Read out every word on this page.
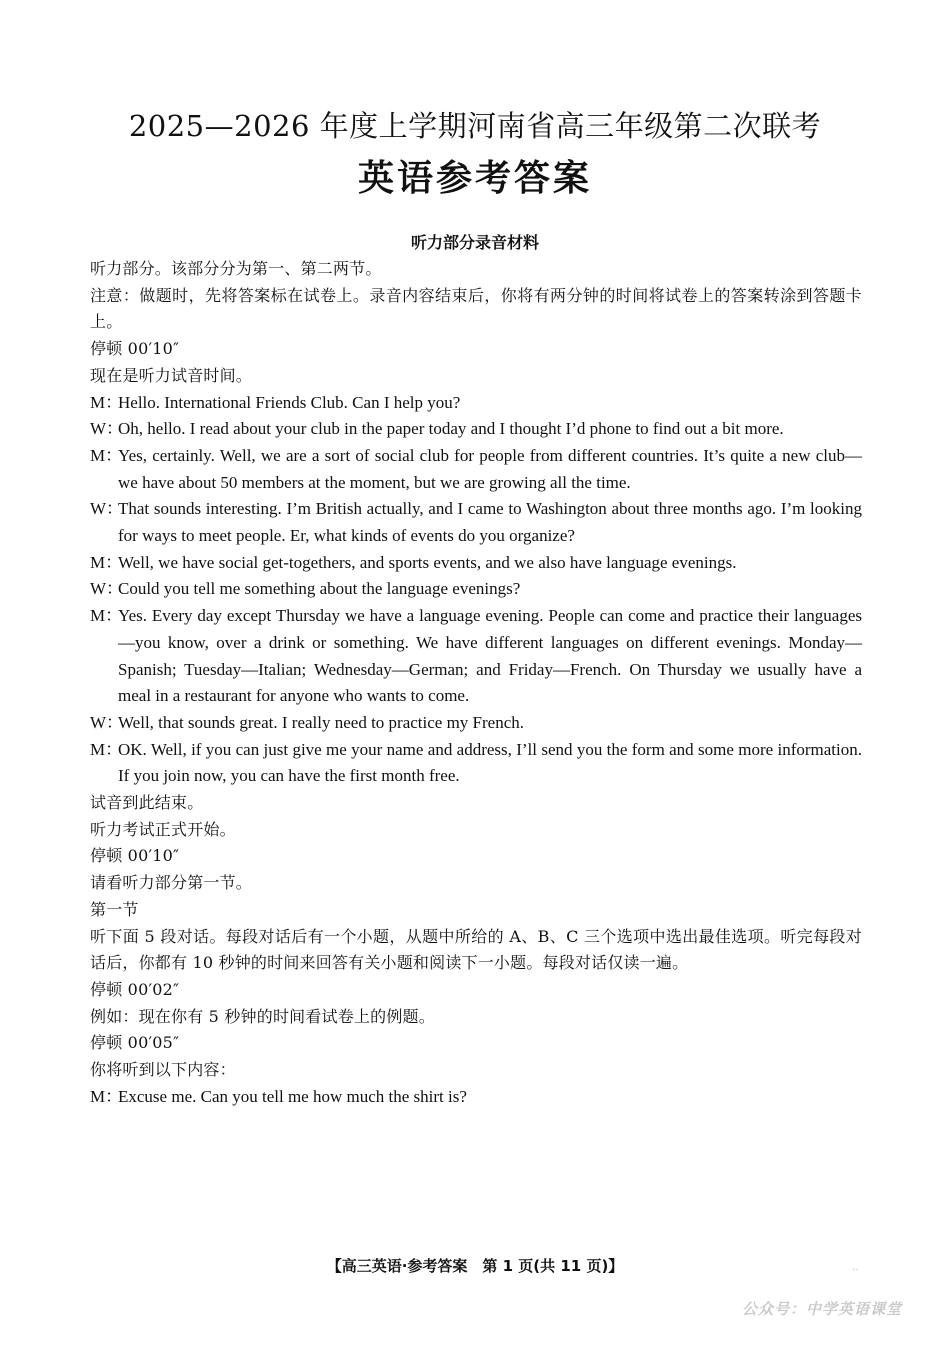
2025—2026 年度上学期河南省高三年级第二次联考
英语参考答案
听力部分录音材料
听力部分。该部分分为第一、第二两节。
注意：做题时，先将答案标在试卷上。录音内容结束后，你将有两分钟的时间将试卷上的答案转涂到答题卡上。
停顿 00′10″
现在是听力试音时间。
M：Hello. International Friends Club. Can I help you?
W：Oh, hello. I read about your club in the paper today and I thought I’d phone to find out a bit more.
M：Yes, certainly. Well, we are a sort of social club for people from different countries. It’s quite a new club—we have about 50 members at the moment, but we are growing all the time.
W：That sounds interesting. I’m British actually, and I came to Washington about three months ago. I’m looking for ways to meet people. Er, what kinds of events do you organize?
M：Well, we have social get-togethers, and sports events, and we also have language evenings.
W：Could you tell me something about the language evenings?
M：Yes. Every day except Thursday we have a language evening. People can come and practice their languages—you know, over a drink or something. We have different languages on different evenings. Monday—Spanish; Tuesday—Italian; Wednesday—German; and Friday—French. On Thursday we usually have a meal in a restaurant for anyone who wants to come.
W：Well, that sounds great. I really need to practice my French.
M：OK. Well, if you can just give me your name and address, I’ll send you the form and some more information. If you join now, you can have the first month free.
试音到此结束。
听力考试正式开始。
停顿 00′10″
请看听力部分第一节。
第一节
听下面 5 段对话。每段对话后有一个小题，从题中所给的 A、B、C 三个选项中选出最佳选项。听完每段对话后，你都有 10 秒钟的时间来回答有关小题和阅读下一小题。每段对话仅读一遍。
停顿 00′02″
例如：现在你有 5 秒钟的时间看试卷上的例题。
停顿 00′05″
你将听到以下内容：
M：Excuse me. Can you tell me how much the shirt is?
【高三英语·参考答案　第 1 页(共 11 页)】	..
公众号：中学英语课堂
